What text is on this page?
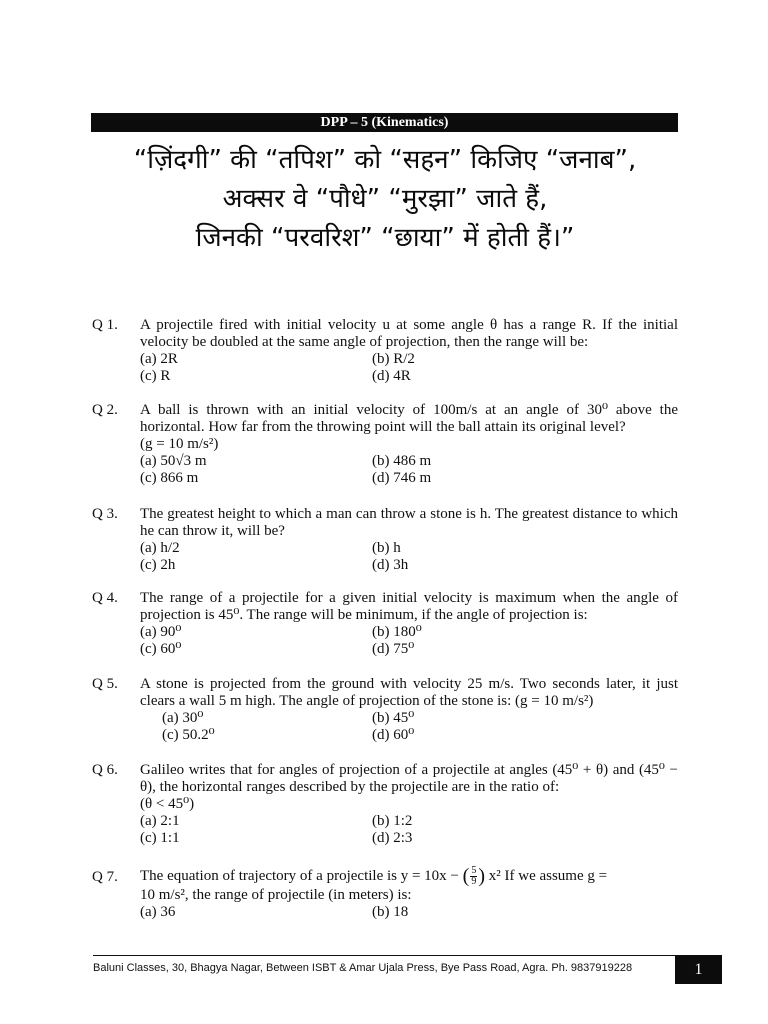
DPP – 5 (Kinematics)
“ज़िंदगी” की “तपिश” को “सहन” किजिए “जनाब”,
अक्सर वे “पौधे” “मुरझा” जाते हैं,
जिनकी “परवरिश” “छाया” में होती हैं।”
Q 1. A projectile fired with initial velocity u at some angle θ has a range R. If the initial velocity be doubled at the same angle of projection, then the range will be:
(a) 2R	(b) R/2
(c) R	(d) 4R
Q 2. A ball is thrown with an initial velocity of 100m/s at an angle of 30⁰ above the horizontal. How far from the throwing point will the ball attain its original level?
(g = 10 m/s²)
(a) 50√3 m	(b) 486 m
(c) 866 m	(d) 746 m
Q 3. The greatest height to which a man can throw a stone is h. The greatest distance to which he can throw it, will be?
(a) h/2	(b) h
(c) 2h	(d) 3h
Q 4. The range of a projectile for a given initial velocity is maximum when the angle of projection is 45⁰. The range will be minimum, if the angle of projection is:
(a) 90⁰	(b) 180⁰
(c) 60⁰	(d) 75⁰
Q 5. A stone is projected from the ground with velocity 25 m/s. Two seconds later, it just clears a wall 5 m high. The angle of projection of the stone is: (g = 10 m/s²)
(a) 30⁰	(b) 45⁰
(c) 50.2⁰	(d) 60⁰
Q 6. Galileo writes that for angles of projection of a projectile at angles (45⁰ + θ) and (45⁰ − θ), the horizontal ranges described by the projectile are in the ratio of:
(θ < 45⁰)
(a) 2:1	(b) 1:2
(c) 1:1	(d) 2:3
Q 7. The equation of trajectory of a projectile is y = 10x − ( $\frac{5}{9}$ ) x² If we assume g =
10 m/s², the range of projectile (in meters) is:
(a) 36	(b) 18
Baluni Classes, 30, Bhagya Nagar, Between ISBT & Amar Ujala Press, Bye Pass Road, Agra. Ph. 9837919228	1
